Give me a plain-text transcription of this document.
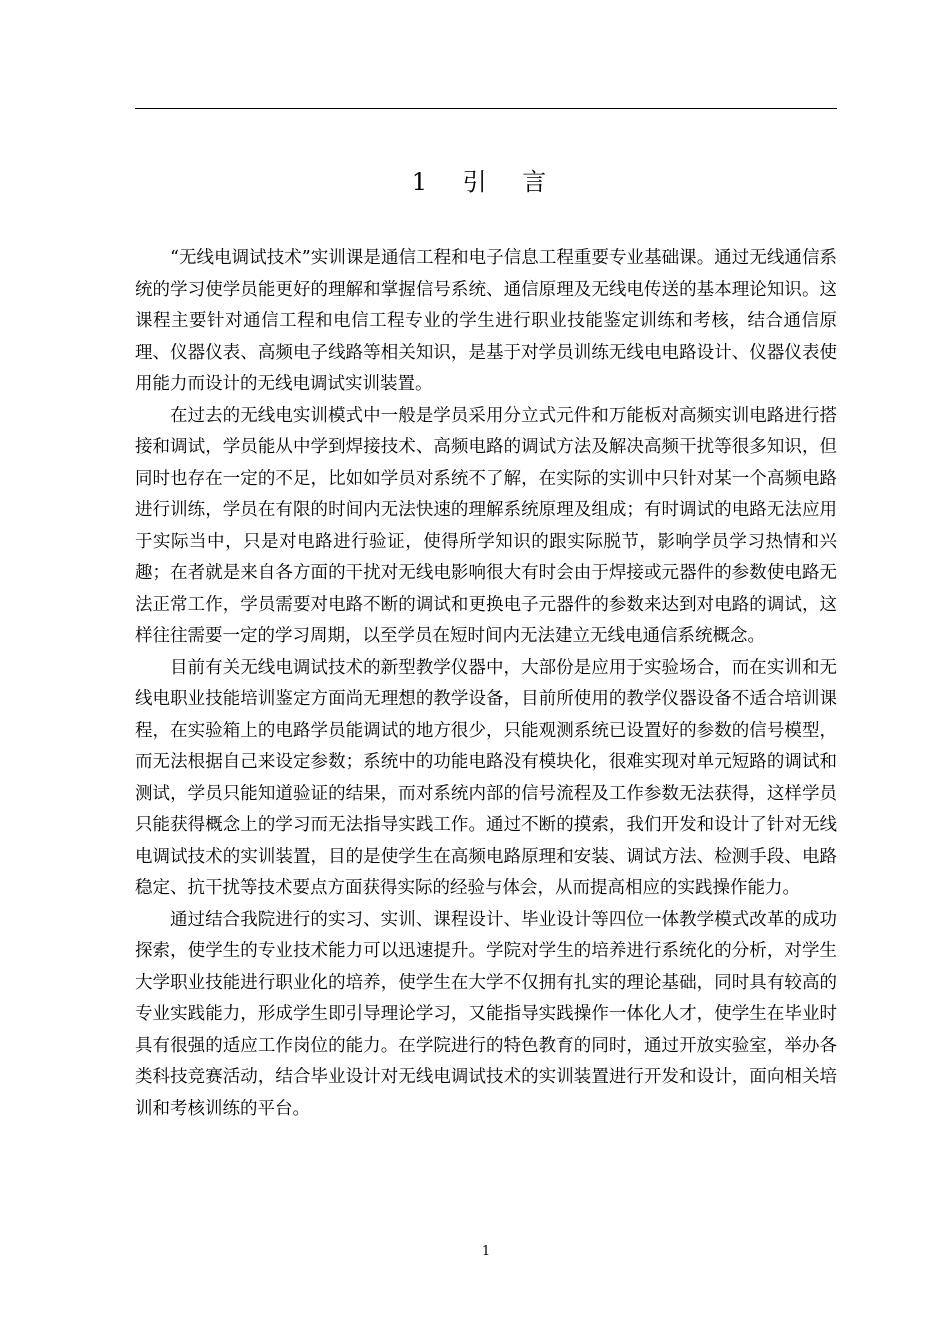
1 引 言

“无线电调试技术”实训课是通信工程和电子信息工程重要专业基础课。通过无线通信系统的学习使学员能更好的理解和掌握信号系统、通信原理及无线电传送的基本理论知识。这课程主要针对通信工程和电信工程专业的学生进行职业技能鉴定训练和考核，结合通信原理、仪器仪表、高频电子线路等相关知识，是基于对学员训练无线电电路设计、仪器仪表使用能力而设计的无线电调试实训装置。

在过去的无线电实训模式中一般是学员采用分立式元件和万能板对高频实训电路进行搭接和调试，学员能从中学到焊接技术、高频电路的调试方法及解决高频干扰等很多知识，但同时也存在一定的不足，比如如学员对系统不了解，在实际的实训中只针对某一个高频电路进行训练，学员在有限的时间内无法快速的理解系统原理及组成；有时调试的电路无法应用于实际当中，只是对电路进行验证，使得所学知识的跟实际脱节，影响学员学习热情和兴趣；在者就是来自各方面的干扰对无线电影响很大有时会由于焊接或元器件的参数使电路无法正常工作，学员需要对电路不断的调试和更换电子元器件的参数来达到对电路的调试，这样往往需要一定的学习周期，以至学员在短时间内无法建立无线电通信系统概念。

目前有关无线电调试技术的新型教学仪器中，大部份是应用于实验场合，而在实训和无线电职业技能培训鉴定方面尚无理想的教学设备，目前所使用的教学仪器设备不适合培训课程，在实验箱上的电路学员能调试的地方很少，只能观测系统已设置好的参数的信号模型，而无法根据自己来设定参数；系统中的功能电路没有模块化，很难实现对单元短路的调试和测试，学员只能知道验证的结果，而对系统内部的信号流程及工作参数无法获得，这样学员只能获得概念上的学习而无法指导实践工作。通过不断的摸索，我们开发和设计了针对无线电调试技术的实训装置，目的是使学生在高频电路原理和安装、调试方法、检测手段、电路稳定、抗干扰等技术要点方面获得实际的经验与体会，从而提高相应的实践操作能力。

通过结合我院进行的实习、实训、课程设计、毕业设计等四位一体教学模式改革的成功探索，使学生的专业技术能力可以迅速提升。学院对学生的培养进行系统化的分析，对学生大学职业技能进行职业化的培养，使学生在大学不仅拥有扎实的理论基础，同时具有较高的专业实践能力，形成学生即引导理论学习，又能指导实践操作一体化人才，使学生在毕业时具有很强的适应工作岗位的能力。在学院进行的特色教育的同时，通过开放实验室，举办各类科技竞赛活动，结合毕业设计对无线电调试技术的实训装置进行开发和设计，面向相关培训和考核训练的平台。

1
